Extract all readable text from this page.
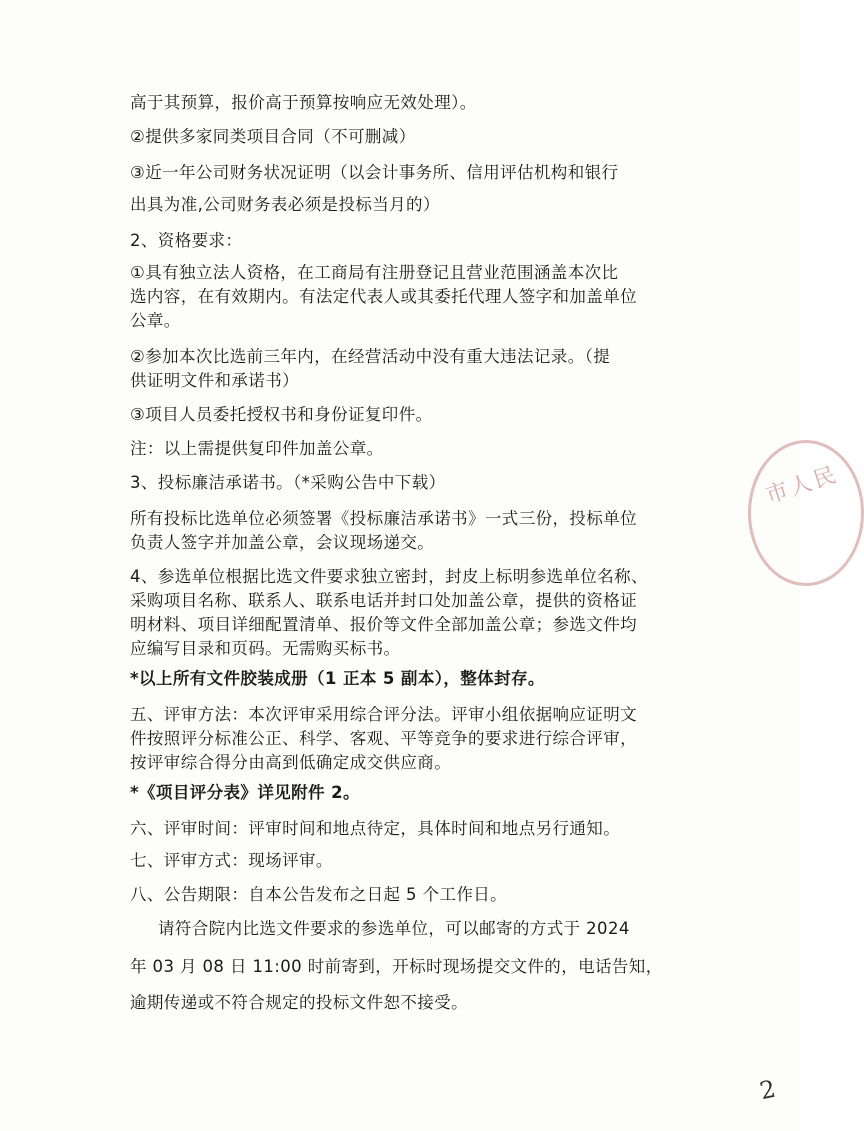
高于其预算，报价高于预算按响应无效处理）。
②提供多家同类项目合同（不可删减）
③近一年公司财务状况证明（以会计事务所、信用评估机构和银行
出具为准,公司财务表必须是投标当月的）
2、资格要求：
①具有独立法人资格，在工商局有注册登记且营业范围涵盖本次比
选内容，在有效期内。有法定代表人或其委托代理人签字和加盖单位
公章。
②参加本次比选前三年内，在经营活动中没有重大违法记录。（提
供证明文件和承诺书）
③项目人员委托授权书和身份证复印件。
注：以上需提供复印件加盖公章。
3、投标廉洁承诺书。（*采购公告中下载）
所有投标比选单位必须签署《投标廉洁承诺书》一式三份，投标单位
负责人签字并加盖公章，会议现场递交。
4、参选单位根据比选文件要求独立密封，封皮上标明参选单位名称、
采购项目名称、联系人、联系电话并封口处加盖公章，提供的资格证
明材料、项目详细配置清单、报价等文件全部加盖公章；参选文件均
应编写目录和页码。无需购买标书。
*以上所有文件胶装成册（1 正本 5 副本），整体封存。
五、评审方法：本次评审采用综合评分法。评审小组依据响应证明文
件按照评分标准公正、科学、客观、平等竞争的要求进行综合评审，
按评审综合得分由高到低确定成交供应商。
*《项目评分表》详见附件 2。
六、评审时间：评审时间和地点待定，具体时间和地点另行通知。
七、评审方式：现场评审。
八、公告期限：自本公告发布之日起 5 个工作日。
请符合院内比选文件要求的参选单位，可以邮寄的方式于 2024
年 03 月 08 日 11:00 时前寄到，开标时现场提交文件的，电话告知，
逾期传递或不符合规定的投标文件恕不接受。
市人民
2
